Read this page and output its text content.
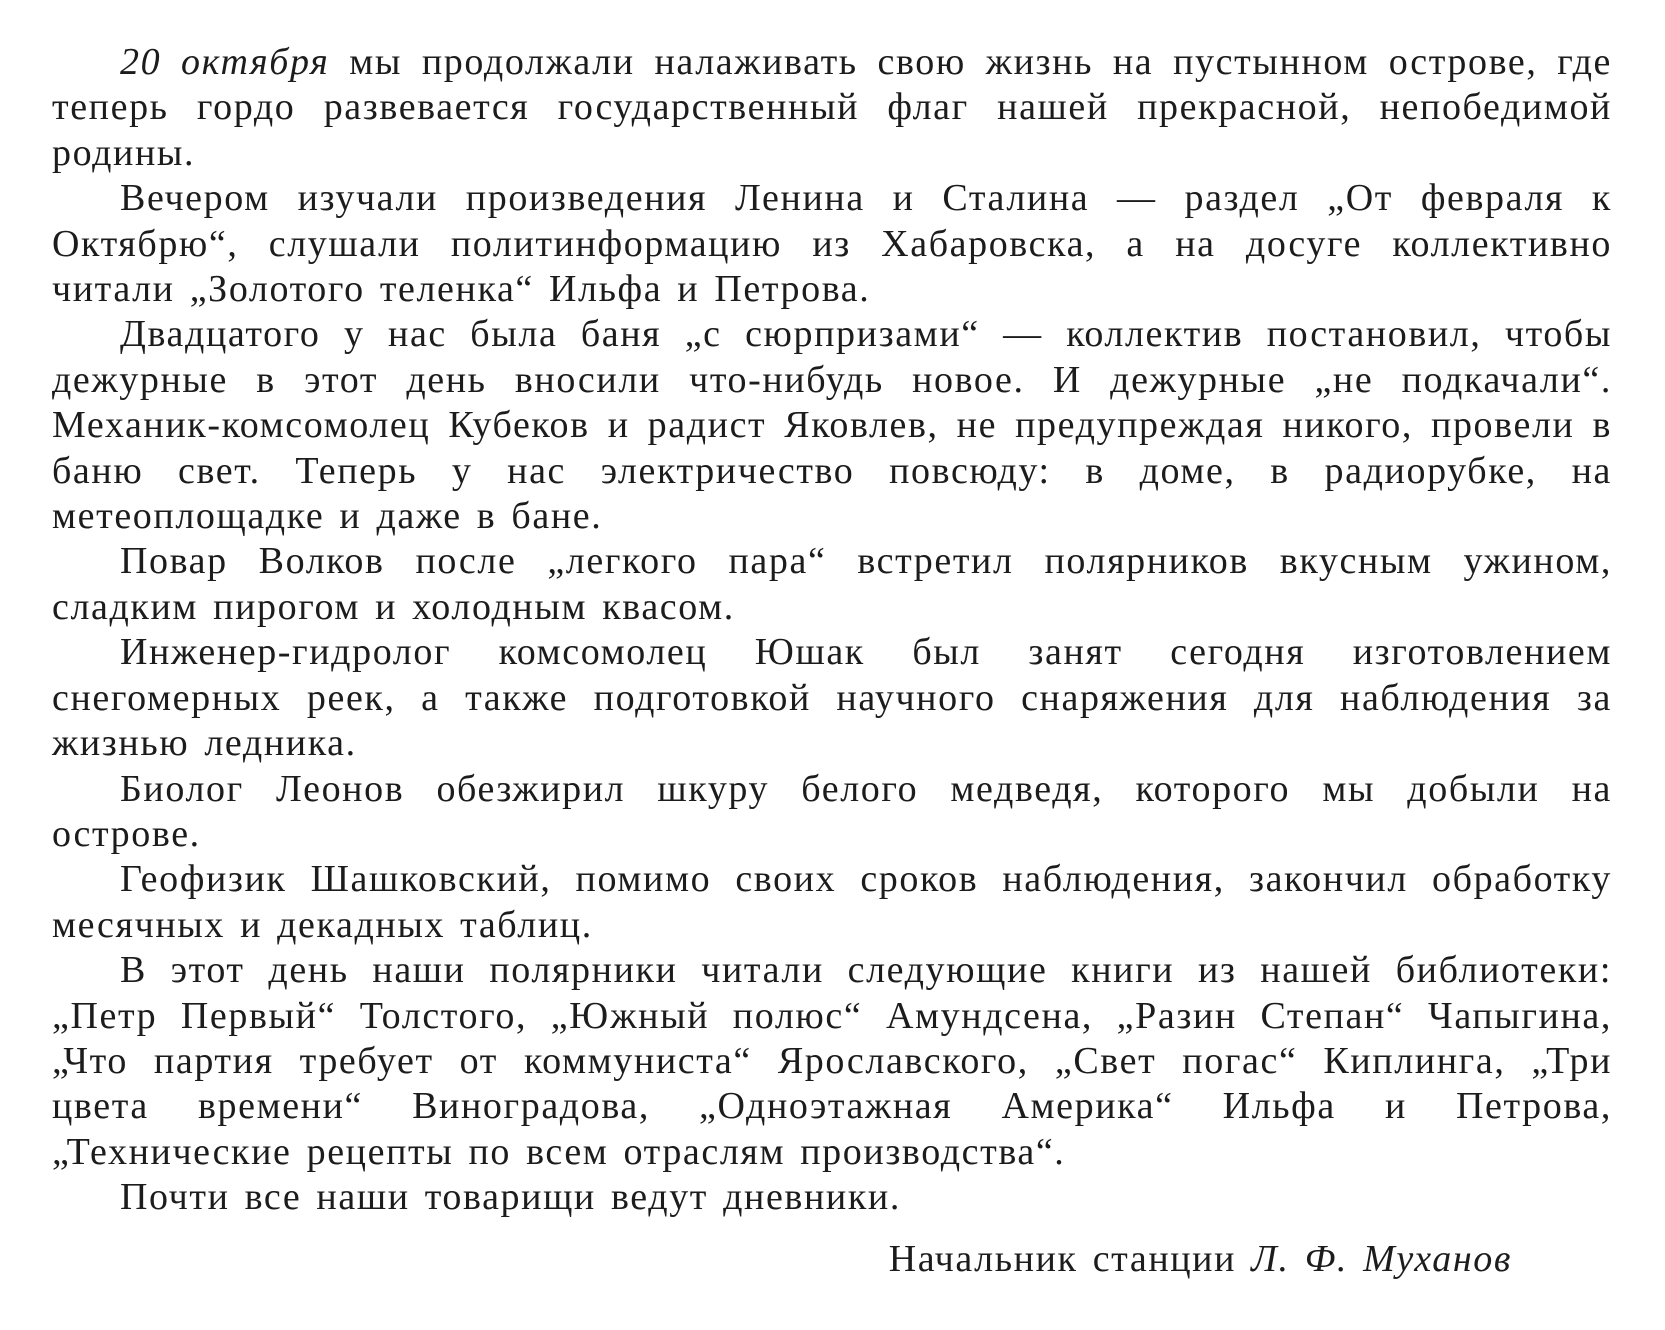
20 октября мы продолжали налаживать свою жизнь на пустынном острове, где теперь гордо развевается государственный флаг нашей прекрасной, непобедимой родины.

Вечером изучали произведения Ленина и Сталина — раздел „От февраля к Октябрю“, слушали политинформацию из Хабаровска, а на досуге коллективно читали „Золотого теленка“ Ильфа и Петрова.

Двадцатого у нас была баня „с сюрпризами“ — коллектив постановил, чтобы дежурные в этот день вносили что-нибудь новое. И дежурные „не подкачали“. Механик-комсомолец Кубеков и радист Яковлев, не предупреждая никого, провели в баню свет. Теперь у нас электричество повсюду: в доме, в радиорубке, на метеоплощадке и даже в бане.

Повар Волков после „легкого пара“ встретил полярников вкусным ужином, сладким пирогом и холодным квасом.

Инженер-гидролог комсомолец Юшак был занят сегодня изготовлением снегомерных реек, а также подготовкой научного снаряжения для наблюдения за жизнью ледника.

Биолог Леонов обезжирил шкуру белого медведя, которого мы добыли на острове.

Геофизик Шашковский, помимо своих сроков наблюдения, закончил обработку месячных и декадных таблиц.

В этот день наши полярники читали следующие книги из нашей библиотеки: „Петр Первый“ Толстого, „Южный полюс“ Амундсена, „Разин Степан“ Чапыгина, „Что партия требует от коммуниста“ Ярославского, „Свет погас“ Киплинга, „Три цвета времени“ Виноградова, „Одноэтажная Америка“ Ильфа и Петрова, „Технические рецепты по всем отраслям производства“.

Почти все наши товарищи ведут дневники.

Начальник станции Л. Ф. Муханов
